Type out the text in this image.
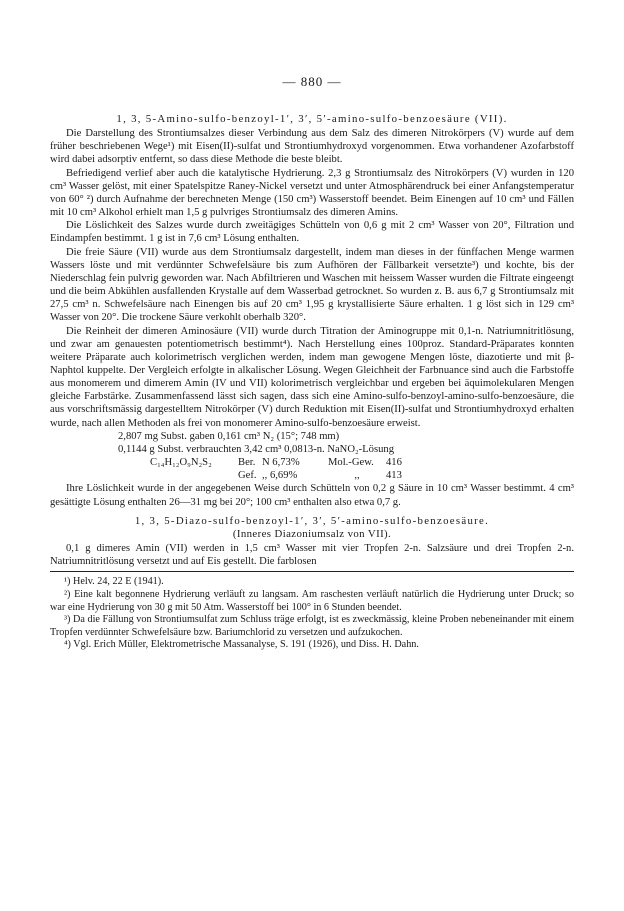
— 880 —
1, 3, 5-Amino-sulfo-benzoyl-1′, 3′, 5′-amino-sulfo-benzoesäure (VII).

Die Darstellung des Strontiumsalzes dieser Verbindung aus dem Salz des dimeren Nitrokörpers (V) wurde auf dem früher beschriebenen Wege¹) mit Eisen(II)-sulfat und Strontiumhydroxyd vorgenommen. Etwa vorhandener Azofarbstoff wird dabei adsorptiv entfernt, so dass diese Methode die beste bleibt.

Befriedigend verlief aber auch die katalytische Hydrierung. 2,3 g Strontiumsalz des Nitrokörpers (V) wurden in 120 cm³ Wasser gelöst, mit einer Spatelspitze Raney-Nickel versetzt und unter Atmosphärendruck bei einer Anfangstemperatur von 60° ²) durch Aufnahme der berechneten Menge (150 cm³) Wasserstoff beendet. Beim Einengen auf 10 cm³ und Fällen mit 10 cm³ Alkohol erhielt man 1,5 g pulvriges Strontiumsalz des dimeren Amins.

Die Löslichkeit des Salzes wurde durch zweitägiges Schütteln von 0,6 g mit 2 cm³ Wasser von 20°, Filtration und Eindampfen bestimmt. 1 g ist in 7,6 cm³ Lösung enthalten.

Die freie Säure (VII) wurde aus dem Strontiumsalz dargestellt, indem man dieses in der fünffachen Menge warmen Wassers löste und mit verdünnter Schwefelsäure bis zum Aufhören der Fällbarkeit versetzte³) und kochte, bis der Niederschlag fein pulvrig geworden war. Nach Abfiltrieren und Waschen mit heissem Wasser wurden die Filtrate eingeengt und die beim Abkühlen ausfallenden Krystalle auf dem Wasserbad getrocknet. So wurden z. B. aus 6,7 g Strontiumsalz mit 27,5 cm³ n. Schwefelsäure nach Einengen bis auf 20 cm³ 1,95 g krystallisierte Säure erhalten. 1 g löst sich in 129 cm³ Wasser von 20°. Die trockene Säure verkohlt oberhalb 320°.

Die Reinheit der dimeren Aminosäure (VII) wurde durch Titration der Aminogruppe mit 0,1-n. Natriumnitritlösung, und zwar am genauesten potentiometrisch bestimmt⁴). Nach Herstellung eines 100proz. Standard-Präparates konnten weitere Präparate auch kolorimetrisch verglichen werden, indem man gewogene Mengen löste, diazotierte und mit β-Naphtol kuppelte. Der Vergleich erfolgte in alkalischer Lösung. Wegen Gleichheit der Farbnuance sind auch die Farbstoffe aus monomerem und dimerem Amin (IV und VII) kolorimetrisch vergleichbar und ergeben bei äquimolekularen Mengen gleiche Farbstärke. Zusammenfassend lässt sich sagen, dass sich eine Amino-sulfo-benzoyl-amino-sulfo-benzoesäure, die aus vorschriftsmässig dargestelltem Nitrokörper (V) durch Reduktion mit Eisen(II)-sulfat und Strontiumhydroxyd erhalten wurde, nach allen Methoden als frei von monomerer Amino-sulfo-benzoesäure erweist.

2,807 mg Subst. gaben 0,161 cm³ N₂ (15°; 748 mm)
0,1144 g Subst. verbrauchten 3,42 cm³ 0,0813-n. NaNO₂-Lösung
C₁₄H₁₂O₉N₂S₂ Ber. N 6,73%	Mol.-Gew. 416
Gef. ,, 6,69%	,, 413

Ihre Löslichkeit wurde in der angegebenen Weise durch Schütteln von 0,2 g Säure in 10 cm³ Wasser bestimmt. 4 cm³ gesättigte Lösung enthalten 26—31 mg bei 20°; 100 cm³ enthalten also etwa 0,7 g.

1, 3, 5-Diazo-sulfo-benzoyl-1′, 3′, 5′-amino-sulfo-benzoesäure.
(Inneres Diazoniumsalz von VII).

0,1 g dimeres Amin (VII) werden in 1,5 cm³ Wasser mit vier Tropfen 2-n. Salzsäure und drei Tropfen 2-n. Natriumnitritlösung versetzt und auf Eis gestellt. Die farblosen

¹) Helv. 24, 22 E (1941).

²) Eine kalt begonnene Hydrierung verläuft zu langsam. Am raschesten verläuft natürlich die Hydrierung unter Druck; so war eine Hydrierung von 30 g mit 50 Atm. Wasserstoff bei 100° in 6 Stunden beendet.

³) Da die Fällung von Strontiumsulfat zum Schluss träge erfolgt, ist es zweckmässig, kleine Proben nebeneinander mit einem Tropfen verdünnter Schwefelsäure bzw. Bariumchlorid zu versetzen und aufzukochen.

⁴) Vgl. Erich Müller, Elektrometrische Massanalyse, S. 191 (1926), und Diss. H. Dahn.
